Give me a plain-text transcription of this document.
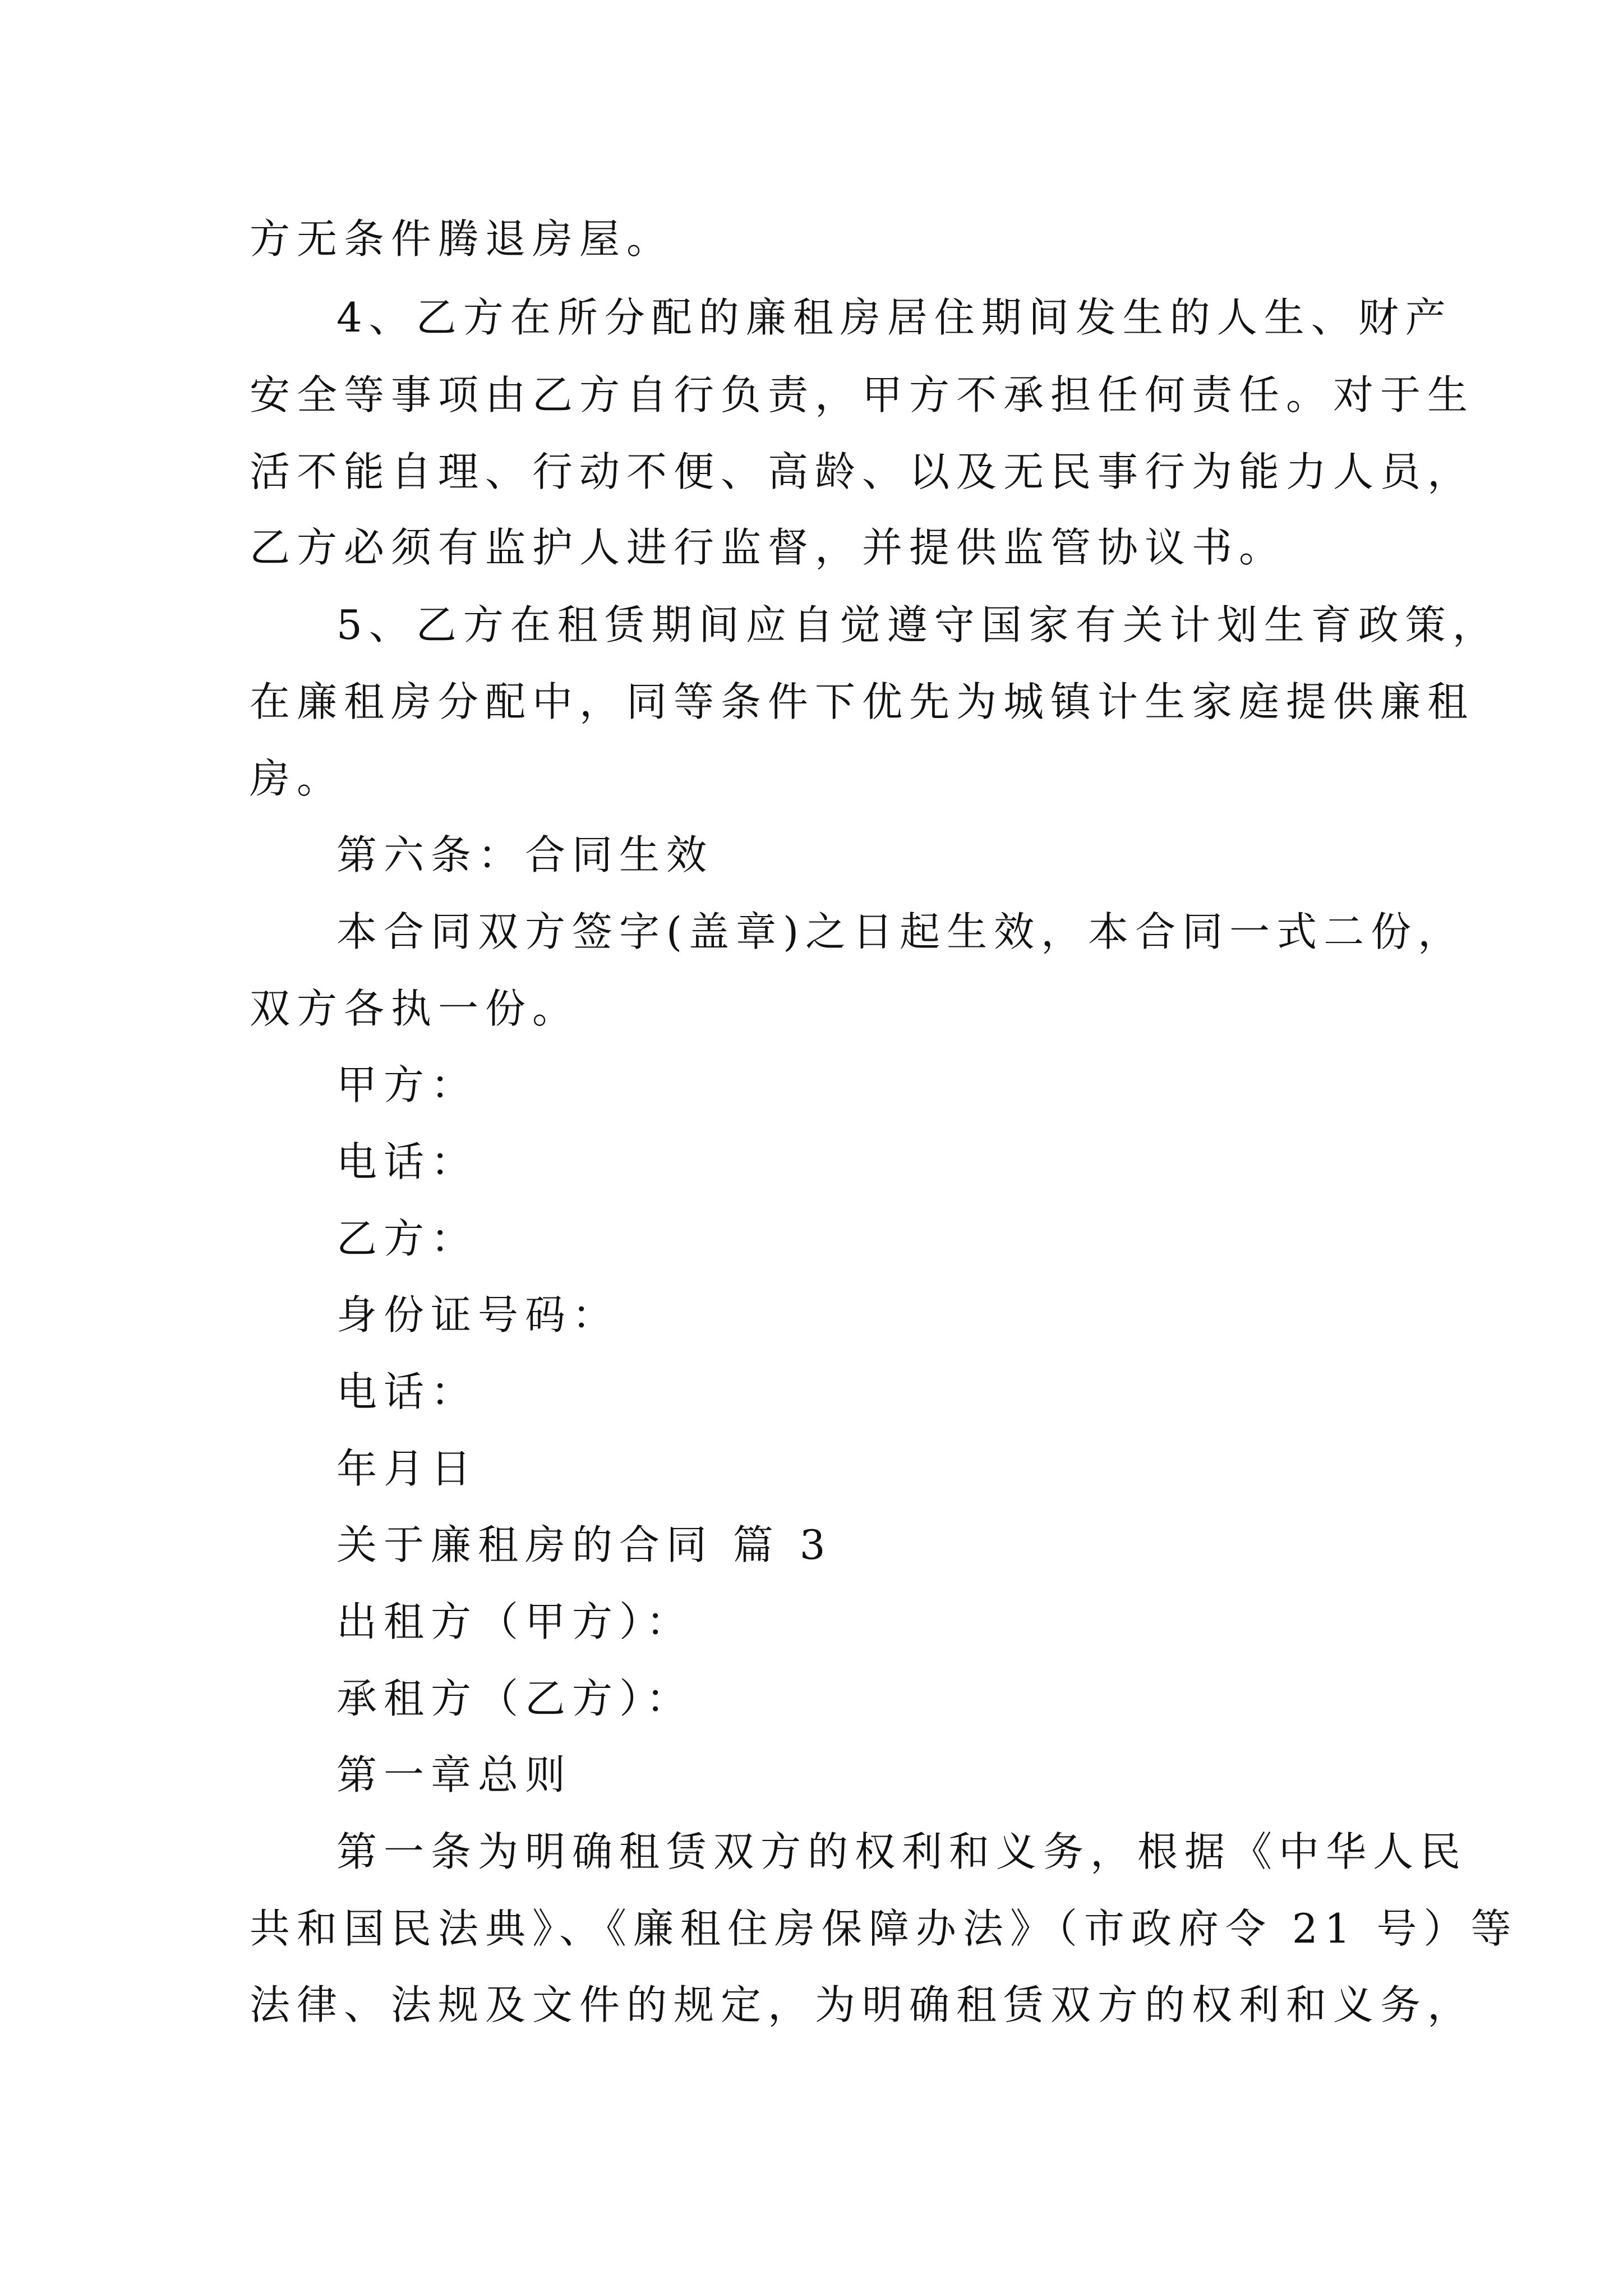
方无条件腾退房屋。
4、乙方在所分配的廉租房居住期间发生的人生、财产
安全等事项由乙方自行负责，甲方不承担任何责任。对于生
活不能自理、行动不便、高龄、以及无民事行为能力人员，
乙方必须有监护人进行监督，并提供监管协议书。
5、乙方在租赁期间应自觉遵守国家有关计划生育政策，
在廉租房分配中，同等条件下优先为城镇计生家庭提供廉租
房。
第六条：合同生效
本合同双方签字(盖章)之日起生效，本合同一式二份，
双方各执一份。
甲方：
电话：
乙方：
身份证号码：
电话：
年月日
关于廉租房的合同 篇 3
出租方（甲方）：
承租方（乙方）：
第一章总则
第一条为明确租赁双方的权利和义务，根据《中华人民
共和国民法典》、《廉租住房保障办法》（市政府令 21 号）等
法律、法规及文件的规定，为明确租赁双方的权利和义务，
